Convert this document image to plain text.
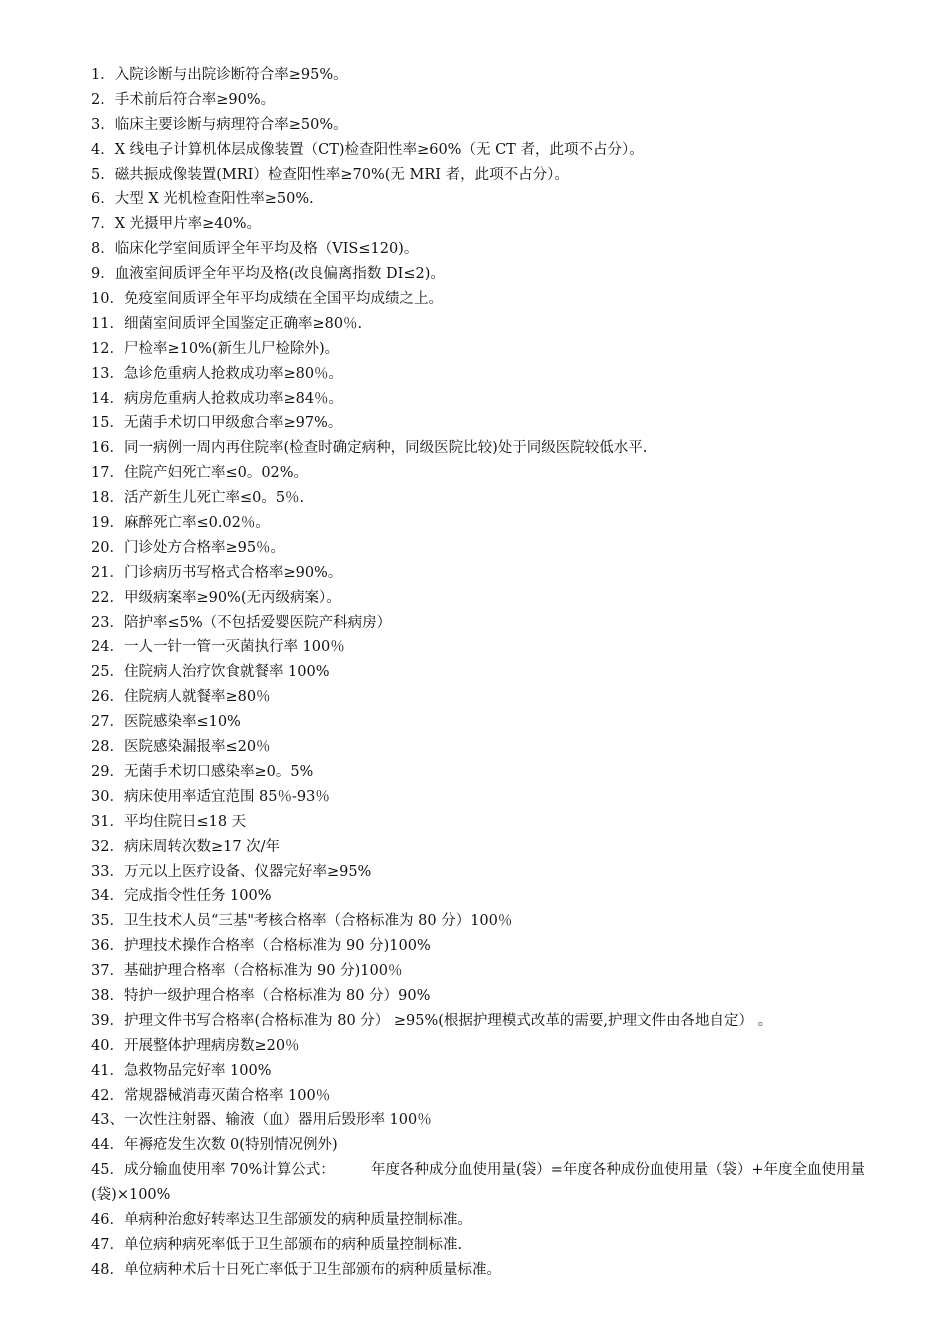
1．入院诊断与出院诊断符合率≥95%。
2．手术前后符合率≥90%。
3．临床主要诊断与病理符合率≥50%。
4．X 线电子计算机体层成像装置（CT)检查阳性率≥60%（无 CT 者，此项不占分）。
5．磁共振成像装置(MRI）检查阳性率≥70%(无 MRI 者，此项不占分）。
6．大型 X 光机检查阳性率≥50%.
7．X 光摄甲片率≥40%。
8．临床化学室间质评全年平均及格（VIS≤120)。
9．血液室间质评全年平均及格(改良偏离指数 DI≤2)。
10．免疫室间质评全年平均成绩在全国平均成绩之上。
11．细菌室间质评全国鉴定正确率≥80％.
12．尸检率≥10%(新生儿尸检除外)。
13．急诊危重病人抢救成功率≥80％。
14．病房危重病人抢救成功率≥84％。
15．无菌手术切口甲级愈合率≥97%。
16．同一病例一周内再住院率(检查时确定病种，同级医院比较)处于同级医院较低水平.
17．住院产妇死亡率≤0。02%。
18．活产新生儿死亡率≤0。5％.
19．麻醉死亡率≤0.02％。
20．门诊处方合格率≥95％。
21．门诊病历书写格式合格率≥90%。
22．甲级病案率≥90%(无丙级病案）。
23．陪护率≤5%（不包括爱婴医院产科病房）
24．一人一针一管一灭菌执行率 100％
25．住院病人治疗饮食就餐率 100%
26．住院病人就餐率≥80％
27．医院感染率≤10%
28．医院感染漏报率≤20％
29．无菌手术切口感染率≥0。5%
30．病床使用率适宜范围 85％-93％
31．平均住院日≤18 天
32．病床周转次数≥17 次/年
33．万元以上医疗设备、仪器完好率≥95%
34．完成指令性任务 100%
35．卫生技术人员“三基"考核合格率（合格标准为 80 分）100％
36．护理技术操作合格率（合格标准为 90 分)100%
37．基础护理合格率（合格标准为 90 分)100％
38．特护一级护理合格率（合格标准为 80 分）90%
39．护理文件书写合格率(合格标准为 80 分） ≥95%(根据护理模式改革的需要,护理文件由各地自定） 。
40．开展整体护理病房数≥20％
41．急救物品完好率 100%
42．常规器械消毒灭菌合格率 100％
43、一次性注射器、输液（血）器用后毁形率 100％
44．年褥疮发生次数 0(特别情况例外)
45．成分输血使用率 70%计算公式：　　　年度各种成分血使用量(袋）=年度各种成份血使用量（袋）+年度全血使用量(袋)×100%
46．单病种治愈好转率达卫生部颁发的病种质量控制标准。
47．单位病种病死率低于卫生部颁布的病种质量控制标准.
48．单位病种术后十日死亡率低于卫生部颁布的病种质量标准。
